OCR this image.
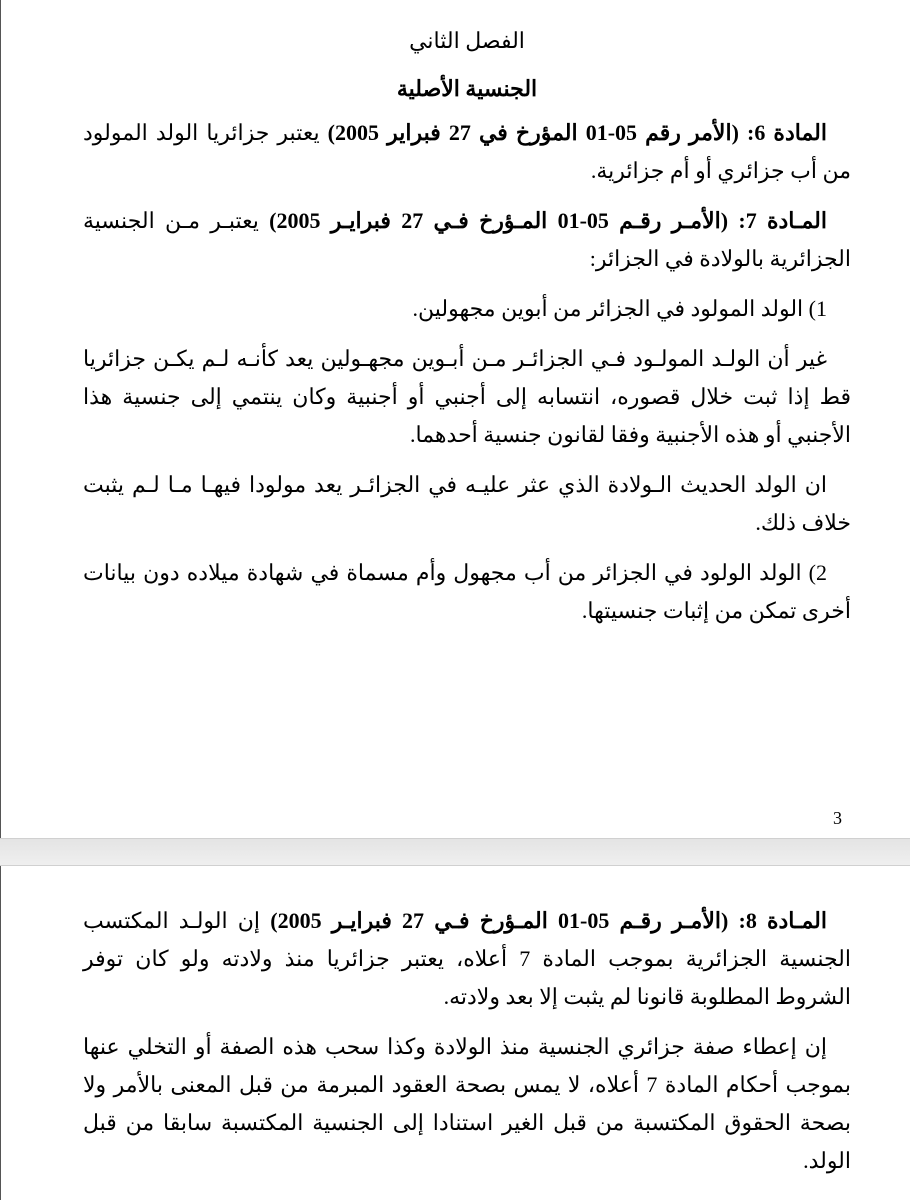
الفصل الثاني
الجنسية الأصلية

المادة 6: (الأمر رقم 05-01 المؤرخ في 27 فبراير 2005) يعتبر جزائريا الولد المولود من أب جزائري أو أم جزائرية.

المـادة 7: (الأمـر رقـم 05-01 المـؤرخ فـي 27 فبرايـر 2005) يعتبـر مـن الجنسية الجزائرية بالولادة في الجزائر:

1) الولد المولود في الجزائر من أبوين مجهولين.

غير أن الولـد المولـود فـي الجزائـر مـن أبـوين مجهـولين يعد كأنـه لـم يكـن جزائريا قط إذا ثبت خلال قصوره، انتسابه إلى أجنبي أو أجنبية وكان ينتمي إلى جنسية هذا الأجنبي أو هذه الأجنبية وفقا لقانون جنسية أحدهما.

ان الولد الحديث الـولادة الذي عثر عليـه في الجزائـر يعد مولودا فيهـا مـا لـم يثبت خلاف ذلك.

2) الولد الولود في الجزائر من أب مجهول وأم مسماة في شهادة ميلاده دون بيانات أخرى تمكن من إثبات جنسيتها.

3

المـادة 8: (الأمـر رقـم 05-01 المـؤرخ فـي 27 فبرايـر 2005) إن الولـد المكتسب الجنسية الجزائرية بموجب المادة 7 أعلاه، يعتبر جزائريا منذ ولادته ولو كان توفر الشروط المطلوبة قانونا لم يثبت إلا بعد ولادته.

إن إعطاء صفة جزائري الجنسية منذ الولادة وكذا سحب هذه الصفة أو التخلي عنها بموجب أحكام المادة 7 أعلاه، لا يمس بصحة العقود المبرمة من قبل المعنى بالأمر ولا بصحة الحقوق المكتسبة من قبل الغير استنادا إلى الجنسية المكتسبة سابقا من قبل الولد.
